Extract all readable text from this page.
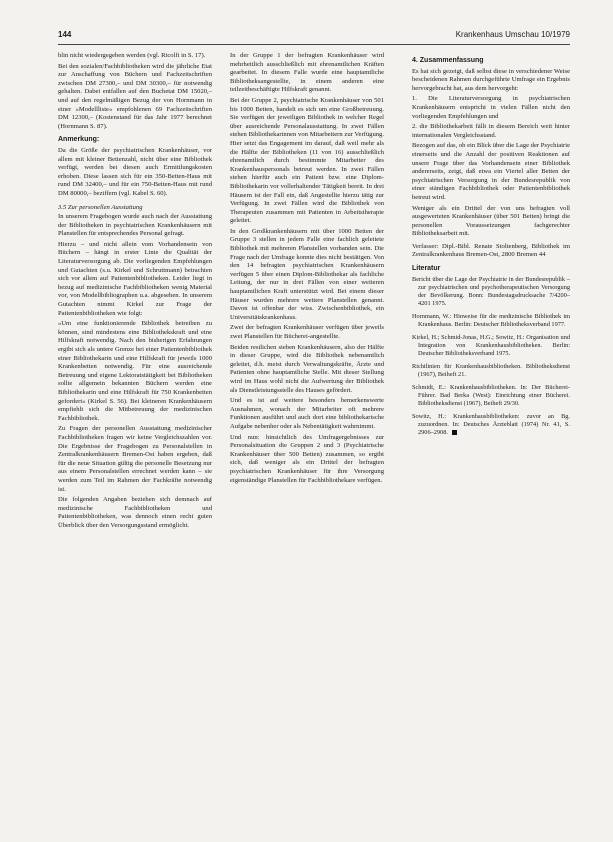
144	Krankenhaus Umschau 10/1979

blin nicht wiedergegeben werden (vgl. Ricolfi in S. 17).

Bei den sozialen/Fachbibliotheken wird die jährliche Etat zur Anschaffung von Büchern und Fachzeitschriften zwischen DM 27300,– und DM 30300,– für notwendig gehalten. Dabei entfallen auf den Buchetat DM 15020,– und auf den regelmäßigen Bezug der von Hornmann in einer »Modellliste« empfohlenen 69 Fachzeitschriften DM 12300,– (Kostenstand für das Jahr 1977 berechnet (Hornmann S. 87).

Anmerkung:

Da die Größe der psychiatrischen Krankenhäuser, vor allem mit kleiner Bettenzahl, nicht über eine Bibliothek verfügt, werden bei diesen auch Ermittlungskosten erhoben. Diese lassen sich für ein 350-Betten-Haus mit rund DM 32400,– und für ein 750-Betten-Haus mit rund DM 80000,– beziffern (vgl. Kabel S. 60).

3.5 Zur personellen Ausstattung

In unserem Fragebogen wurde auch nach der Ausstattung der Bibliotheken in psychiatrischen Krankenhäusern mit Planstellen für entsprechendes Personal gefragt.

Hierzu – und nicht allein vom Vorhandensein von Büchern – hängt in erster Linie die Qualität der Literaturversorgung ab. Die vorliegenden Empfehlungen und Gutachten (s.u. Kirkel und Schruttmann) betrachten sich vor allem auf Patientenbibliotheken. Leider liegt in bezug auf medizinische Fachbibliotheken wenig Material vor, von Modellbibliographen u.a. abgesehen. In unserem Gutachten nimmt Kirkel zur Frage der Patientenbibliotheken wie folgt:

»Um eine funktionierende Bibliothek betreiben zu können, sind mindestens eine Bibliothekskraft und eine Hilfskraft notwendig. Nach den bisherigen Erfahrungen ergibt sich als untere Grenze bei einer Patientenbibliothek einer Bibliothekarin und eine Hilfskraft für jeweils 1000 Krankenbetten notwendig. Für eine ausreichende Betreuung und eigene Lektoratstätigkeit bei Bibliotheken sollte allgemein bekannten Büchern werden eine Bibliothekarin und eine Hilfskraft für 750 Krankenbetten gefordert« (Kirkel S. 56). Bei kleineren Krankenhäusern empfiehlt sich die Mitbetreuung der medizinischen Fachbibliothek.

Zu Fragen der personellen Ausstattung medizinischer Fachbibliotheken fragen wir keine Vergleichszahlen vor. Die Ergebnisse der Fragebogen zu Personalstellen in Zentralkrankenhäusern Bremen-Ost haben ergeben, daß für die neue Situation gültig die personelle Besetzung nur aus einem Personalstellen errechnet werden kann – sie werden zum Teil im Rahmen der Fachkräfte notwendig ist.

Die folgenden Angaben beziehen sich demnach auf medizinische Fachbibliotheken und Patientenbibliotheken, was dennoch einen recht guten Überblick über den Versorgungsstand ermöglicht.

In der Gruppe 1 der befragten Krankenhäuser wird mehrheitlich ausschließlich mit ehrenamtlichen Kräften gearbeitet. In diesem Falle wurde eine hauptamtliche Bibliotheksangestellte, in einem anderen eine teilzeitbeschäftigte Hilfskraft genannt.

Bei der Gruppe 2, psychiatrische Krankenhäuser von 501 bis 1000 Betten, handelt es sich um eine Großbetreuung. Sie verfügen der jeweiligen Bibliothek in welcher Regel über ausreichende Personalausstattung. In zwei Fällen stehen Bibliothekarinnen von Mitarbeitern zur Verfügung. Hier setzt das Engagement im darauf, daß weil mehr als die Hälfte der Bibliotheken (11 von 16) ausschließlich ehrenamtlich durch bestimmte Mitarbeiter des Krankenhauspersonals betreut werden. In zwei Fällen stehen hierfür auch ein Patient bzw. eine Diplom-Bibliothekarin vor vollerhaltender Tätigkeit bereit. In drei Häusern ist der Fall ein, daß Angestellte hierzu tätig zur Verfügung. In zwei Fällen wird die Bibliothek von Therapeuten zusammen mit Patienten in Arbeitstherapie geleitet.

In den Großkrankenhäusern mit über 1000 Betten der Gruppe 3 stellen in jedem Falle eine fachlich geleitete Bibliothek mit mehreren Planstellen vorhanden sein. Die Frage nach der Umfrage konnte dies nicht bestätigen. Von den 14 befragten psychiatrischen Krankenhäusern verfügen 5 über einen Diplom-Bibliothekar als fachliche Leitung, der nur in drei Fällen von einer weiteren hauptamtlichen Kraft unterstützt wird. Bei einem dieser Häuser wurden mehrere weitere Planstellen genannt. Davon ist offenbar der wiss. Zwischenbibliothek, ein Universitätskrankenhaus.

Zwei der befragten Krankenhäuser verfügen über jeweils zwei Planstellen für Bücherei-angestellte.

Beiden restlichen sieben Krankenhäusern, also der Hälfte in dieser Gruppe, wird die Bibliothek nebenamtlich geleitet, d.h. meist durch Verwaltungskräfte, Ärzte und Patienten ohne hauptamtliche Stelle. Mit dieser Stellung wird im Haus wohl nicht die Aufwertung der Bibliothek als Dienstleistungsstelle des Hauses gefördert.

Und es ist auf weitere besonders bemerkenswerte Ausnahmen, wonach der Mitarbeiter oft mehrere Funktionen ausführt und auch dort eine bibliothekarische Aufgabe nebenher oder als Nebentätigkeit wahrnimmt.

Und nun: hinsichtlich des Umfragergebnisses zur Personalsituation die Gruppen 2 und 3 (Psychiatrische Krankenhäuser über 500 Betten) zusammen, so ergibt sich, daß weniger als ein Drittel der befragten psychiatrischen Krankenhäuser für ihre Versorgung eigenständige Planstellen für Fachbibliothekare verfügen.

4. Zusammenfassung

Es hat sich gezeigt, daß selbst diese in verschiedener Weise bescheidenen Rahmen durchgeführte Umfrage ein Ergebnis hervorgebracht hat, aus dem hervorgeht:

1. Die Literaturversorgung in psychiatrischen Krankenhäusern entspricht in vielen Fällen nicht den vorliegenden Empfehlungen und

2. die Bibliothekarbeit fällt in diesem Bereich weit hinter internationalen Vergleichsstand.

Bezogen auf das, ob ein Blick über die Lage der Psychiatrie einerseits und die Anzahl der positiven Reaktionen auf unsere Frage über das Vorhandensein einer Bibliothek andererseits, zeigt, daß etwa ein Viertel aller Betten der psychiatrischen Versorgung in der Bundesrepublik von einer ständigen Fachbibliothek oder Patientenbibliothek betreut wird.

Weniger als ein Drittel der von uns befragten voll ausgewerteten Krankenhäuser (über 501 Betten) bringt die personellen Voraussetzungen fachgerechter Bibliotheksarbeit mit.

Verfasser: Dipl.-Bibl. Renate Stoltenberg, Bibliothek im Zentralkrankenhaus Bremen-Ost, 2800 Bremen 44

Literatur

Bericht über die Lage der Psychiatrie in der Bundesrepublik – zur psychiatrischen und psychotherapeutischen Versorgung der Bevölkerung. Bonn: Bundestagsdrucksache 7/4200–4201 1975.

Hornmann, W.: Hinweise für die medizinische Bibliothek im Krankenhaus. Berlin: Deutscher Bibliotheksverband 1977.

Kirkel, H.; Schmid-Jonas, H.G.; Sowitz, H.: Organisation und Integration von Krankenhausbibliotheken. Berlin: Deutscher Bibliotheksverband 1975.

Richtlinien für Krankenhausbibliotheken. Bibliotheksdienst (1967), Beiheft 21.

Schmidt, E.: Krankenhausbibliotheken. In: Der Bücherei-Führer. Bad Berka (West): Einrichtung einer Bücherei. Bibliotheksdienst (1967), Beiheft 29/30.

Sowitz, H.: Krankenhausbibliotheken: zuvor an Bg. zuzuordnen. In: Deutsches Ärzteblatt (1974) Nr. 41, S. 2906–2908.
